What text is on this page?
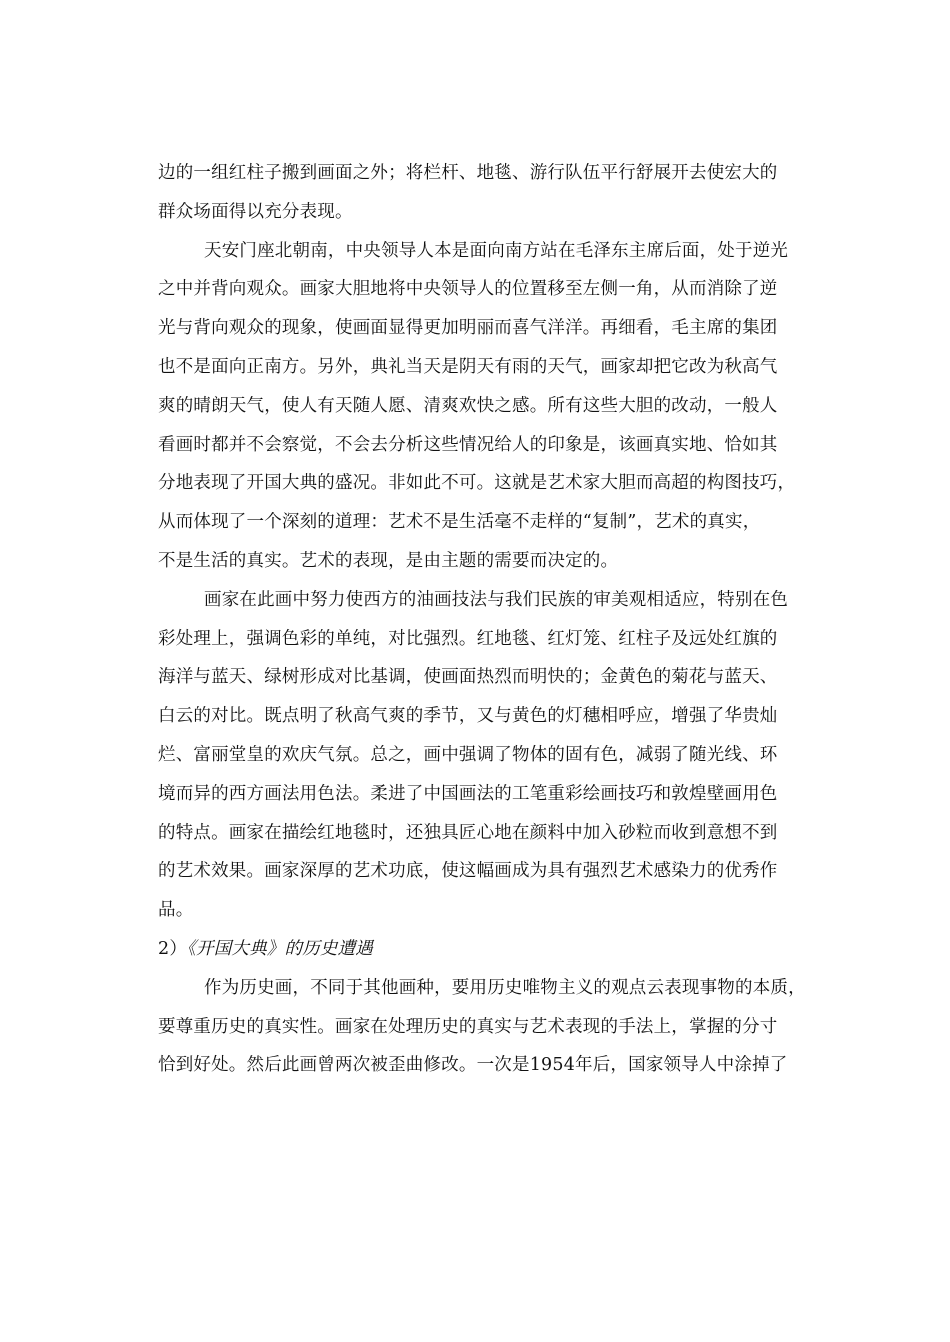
边的一组红柱子搬到画面之外；将栏杆、地毯、游行队伍平行舒展开去使宏大的
群众场面得以充分表现。
天安门座北朝南，中央领导人本是面向南方站在毛泽东主席后面，处于逆光
之中并背向观众。画家大胆地将中央领导人的位置移至左侧一角，从而消除了逆
光与背向观众的现象，使画面显得更加明丽而喜气洋洋。再细看，毛主席的集团
也不是面向正南方。另外，典礼当天是阴天有雨的天气，画家却把它改为秋高气
爽的晴朗天气，使人有天随人愿、清爽欢快之感。所有这些大胆的改动，一般人
看画时都并不会察觉，不会去分析这些情况给人的印象是，该画真实地、恰如其
分地表现了开国大典的盛况。非如此不可。这就是艺术家大胆而高超的构图技巧，
从而体现了一个深刻的道理：艺术不是生活毫不走样的“复制”，艺术的真实，
不是生活的真实。艺术的表现，是由主题的需要而决定的。
画家在此画中努力使西方的油画技法与我们民族的审美观相适应，特别在色
彩处理上，强调色彩的单纯，对比强烈。红地毯、红灯笼、红柱子及远处红旗的
海洋与蓝天、绿树形成对比基调，使画面热烈而明快的；金黄色的菊花与蓝天、
白云的对比。既点明了秋高气爽的季节，又与黄色的灯穗相呼应，增强了华贵灿
烂、富丽堂皇的欢庆气氛。总之，画中强调了物体的固有色，减弱了随光线、环
境而异的西方画法用色法。柔进了中国画法的工笔重彩绘画技巧和敦煌壁画用色
的特点。画家在描绘红地毯时，还独具匠心地在颜料中加入砂粒而收到意想不到
的艺术效果。画家深厚的艺术功底，使这幅画成为具有强烈艺术感染力的优秀作
品。
2）《开国大典》的历史遭遇
作为历史画，不同于其他画种，要用历史唯物主义的观点云表现事物的本质，
要尊重历史的真实性。画家在处理历史的真实与艺术表现的手法上，掌握的分寸
恰到好处。然后此画曾两次被歪曲修改。一次是1954年后，国家领导人中涂掉了
